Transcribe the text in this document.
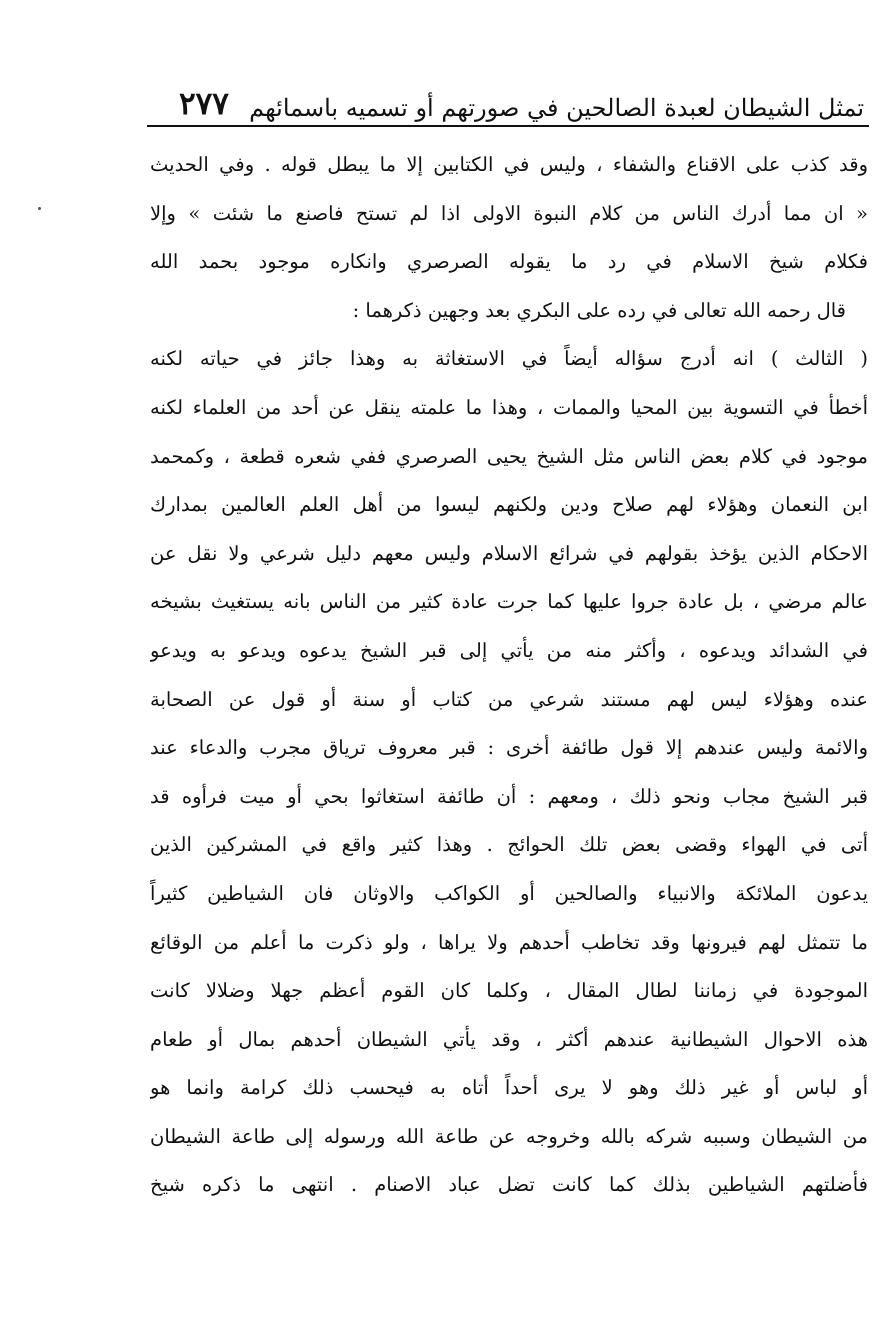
تمثل الشيطان لعبدة الصالحين في صورتهم أو تسميه باسمائهم
٢٧٧
وقد كذب على الاقناع والشفاء ، وليس في الكتابين إلا ما يبطل قوله . وفي الحديث
« ان مما أدرك الناس من كلام النبوة الاولى اذا لم تستح فاصنع ما شئت » وإلا
فكلام شيخ الاسلام في رد ما يقوله الصرصري وانكاره موجود بحمد الله
قال رحمه الله تعالى في رده على البكري بعد وجهين ذكرهما :
( الثالث ) انه أدرج سؤاله أيضاً في الاستغاثة به وهذا جائز في حياته لكنه
أخطأ في التسوية بين المحيا والممات ، وهذا ما علمته ينقل عن أحد من العلماء لكنه
موجود في كلام بعض الناس مثل الشيخ يحيى الصرصري ففي شعره قطعة ، وكمحمد
ابن النعمان وهؤلاء لهم صلاح ودين ولكنهم ليسوا من أهل العلم العالمين بمدارك
الاحكام الذين يؤخذ بقولهم في شرائع الاسلام وليس معهم دليل شرعي ولا نقل عن
عالم مرضي ، بل عادة جروا عليها كما جرت عادة كثير من الناس بانه يستغيث بشيخه
في الشدائد ويدعوه ، وأكثر منه من يأتي إلى قبر الشيخ يدعوه ويدعو به ويدعو
عنده وهؤلاء ليس لهم مستند شرعي من كتاب أو سنة أو قول عن الصحابة
والائمة وليس عندهم إلا قول طائفة أخرى : قبر معروف ترياق مجرب والدعاء عند
قبر الشيخ مجاب ونحو ذلك ، ومعهم : أن طائفة استغاثوا بحي أو ميت فرأوه قد
أتى في الهواء وقضى بعض تلك الحوائج . وهذا كثير واقع في المشركين الذين
يدعون الملائكة والانبياء والصالحين أو الكواكب والاوثان فان الشياطين كثيراً
ما تتمثل لهم فيرونها وقد تخاطب أحدهم ولا يراها ، ولو ذكرت ما أعلم من الوقائع
الموجودة في زماننا لطال المقال ، وكلما كان القوم أعظم جهلا وضلالا كانت
هذه الاحوال الشيطانية عندهم أكثر ، وقد يأتي الشيطان أحدهم بمال أو طعام
أو لباس أو غير ذلك وهو لا يرى أحداً أتاه به فيحسب ذلك كرامة وانما هو
من الشيطان وسببه شركه بالله وخروجه عن طاعة الله ورسوله إلى طاعة الشيطان
فأضلتهم الشياطين بذلك كما كانت تضل عباد الاصنام . انتهى ما ذكره شيخ
